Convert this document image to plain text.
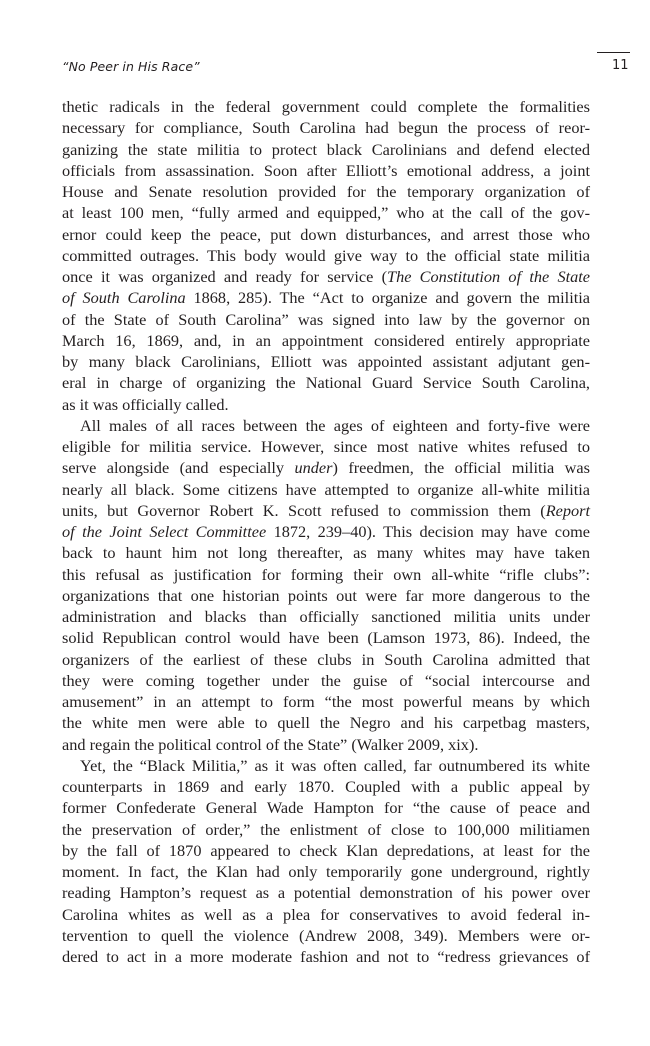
“No Peer in His Race”	11
thetic radicals in the federal government could complete the formalities
necessary for compliance, South Carolina had begun the process of reor-
ganizing the state militia to protect black Carolinians and defend elected
officials from assassination. Soon after Elliott’s emotional address, a joint
House and Senate resolution provided for the temporary organization of
at least 100 men, “fully armed and equipped,” who at the call of the gov-
ernor could keep the peace, put down disturbances, and arrest those who
committed outrages. This body would give way to the official state militia
once it was organized and ready for service (The Constitution of the State
of South Carolina 1868, 285). The “Act to organize and govern the militia
of the State of South Carolina” was signed into law by the governor on
March 16, 1869, and, in an appointment considered entirely appropriate
by many black Carolinians, Elliott was appointed assistant adjutant gen-
eral in charge of organizing the National Guard Service South Carolina,
as it was officially called.
All males of all races between the ages of eighteen and forty-five were
eligible for militia service. However, since most native whites refused to
serve alongside (and especially under) freedmen, the official militia was
nearly all black. Some citizens have attempted to organize all-white militia
units, but Governor Robert K. Scott refused to commission them (Report
of the Joint Select Committee 1872, 239–40). This decision may have come
back to haunt him not long thereafter, as many whites may have taken
this refusal as justification for forming their own all-white “rifle clubs”:
organizations that one historian points out were far more dangerous to the
administration and blacks than officially sanctioned militia units under
solid Republican control would have been (Lamson 1973, 86). Indeed, the
organizers of the earliest of these clubs in South Carolina admitted that
they were coming together under the guise of “social intercourse and
amusement” in an attempt to form “the most powerful means by which
the white men were able to quell the Negro and his carpetbag masters,
and regain the political control of the State” (Walker 2009, xix).
Yet, the “Black Militia,” as it was often called, far outnumbered its white
counterparts in 1869 and early 1870. Coupled with a public appeal by
former Confederate General Wade Hampton for “the cause of peace and
the preservation of order,” the enlistment of close to 100,000 militiamen
by the fall of 1870 appeared to check Klan depredations, at least for the
moment. In fact, the Klan had only temporarily gone underground, rightly
reading Hampton’s request as a potential demonstration of his power over
Carolina whites as well as a plea for conservatives to avoid federal in-
tervention to quell the violence (Andrew 2008, 349). Members were or-
dered to act in a more moderate fashion and not to “redress grievances of
